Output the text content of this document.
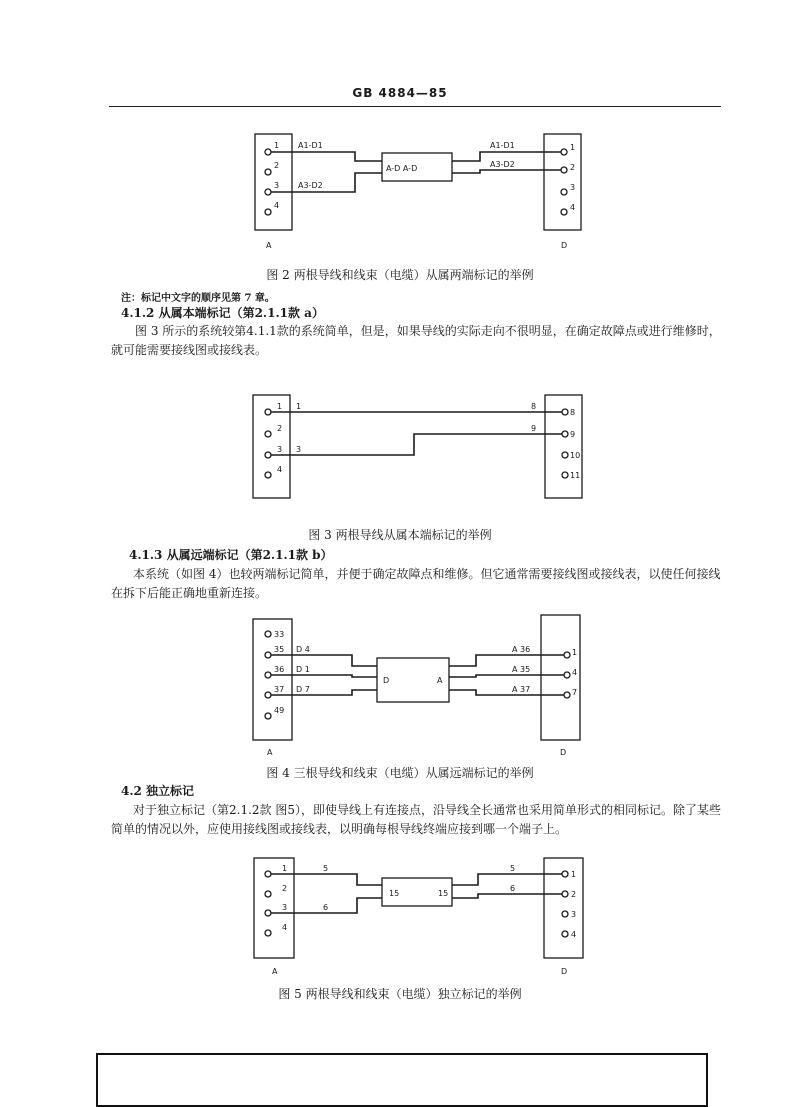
GB 4884—85
1
2
3
4
1
2
3
4
A1-D1
A3-D2
A1-D1
A3-D2
A-D A-D
A	D
图 2 两根导线和线束（电缆）从属两端标记的举例
注：标记中文字的顺序见第 7 章。
4.1.2 从属本端标记（第2.1.1款 a）
图 3 所示的系统较第4.1.1款的系统简单，但是，如果导线的实际走向不很明显，在确定故障点或进行维修时，就可能需要接线图或接线表。
1
2
3
4
8
9
10
11
1
3
8
9
图 3 两根导线从属本端标记的举例
4.1.3 从属远端标记（第2.1.1款 b）
本系统（如图 4）也较两端标记简单，并便于确定故障点和维修。但它通常需要接线图或接线表，以使任何接线在拆下后能正确地重新连接。
33
35
36
37
49
1
4
7
D 4
D 1
D 7
A 36
A 35
A 37
D	A
A	D
图 4 三根导线和线束（电缆）从属远端标记的举例
4.2 独立标记
对于独立标记（第2.1.2款 图5），即使导线上有连接点，沿导线全长通常也采用简单形式的相同标记。除了某些简单的情况以外，应使用接线图或接线表，以明确每根导线终端应接到哪一个端子上。
1
2
3
4
1
2
3
4
5
6
5
6
15	15
A	D
图 5 两根导线和线束（电缆）独立标记的举例
